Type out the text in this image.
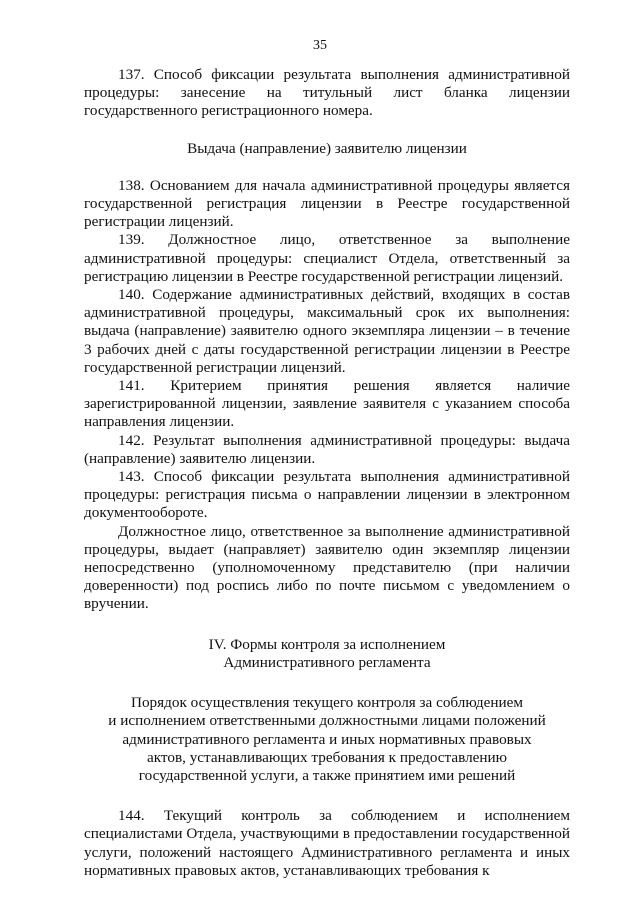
35

137. Способ фиксации результата выполнения административной процедуры: занесение на титульный лист бланка лицензии государственного регистрационного номера.

Выдача (направление) заявителю лицензии

138. Основанием для начала административной процедуры является государственной регистрация лицензии в Реестре государственной регистрации лицензий.

139. Должностное лицо, ответственное за выполнение административной процедуры: специалист Отдела, ответственный за регистрацию лицензии в Реестре государственной регистрации лицензий.

140. Содержание административных действий, входящих в состав административной процедуры, максимальный срок их выполнения: выдача (направление) заявителю одного экземпляра лицензии – в течение 3 рабочих дней с даты государственной регистрации лицензии в Реестре государственной регистрации лицензий.

141. Критерием принятия решения является наличие зарегистрированной лицензии, заявление заявителя с указанием способа направления лицензии.

142. Результат выполнения административной процедуры: выдача (направление) заявителю лицензии.

143. Способ фиксации результата выполнения административной процедуры: регистрация письма о направлении лицензии в электронном документообороте.

Должностное лицо, ответственное за выполнение административной процедуры, выдает (направляет) заявителю один экземпляр лицензии непосредственно (уполномоченному представителю (при наличии доверенности) под роспись либо по почте письмом с уведомлением о вручении.

IV. Формы контроля за исполнением
Административного регламента
Порядок осуществления текущего контроля за соблюдением
и исполнением ответственными должностными лицами положений
административного регламента и иных нормативных правовых
актов, устанавливающих требования к предоставлению
государственной услуги, а также принятием ими решений

144. Текущий контроль за соблюдением и исполнением специалистами Отдела, участвующими в предоставлении государственной услуги, положений настоящего Административного регламента и иных нормативных правовых актов, устанавливающих требования к
